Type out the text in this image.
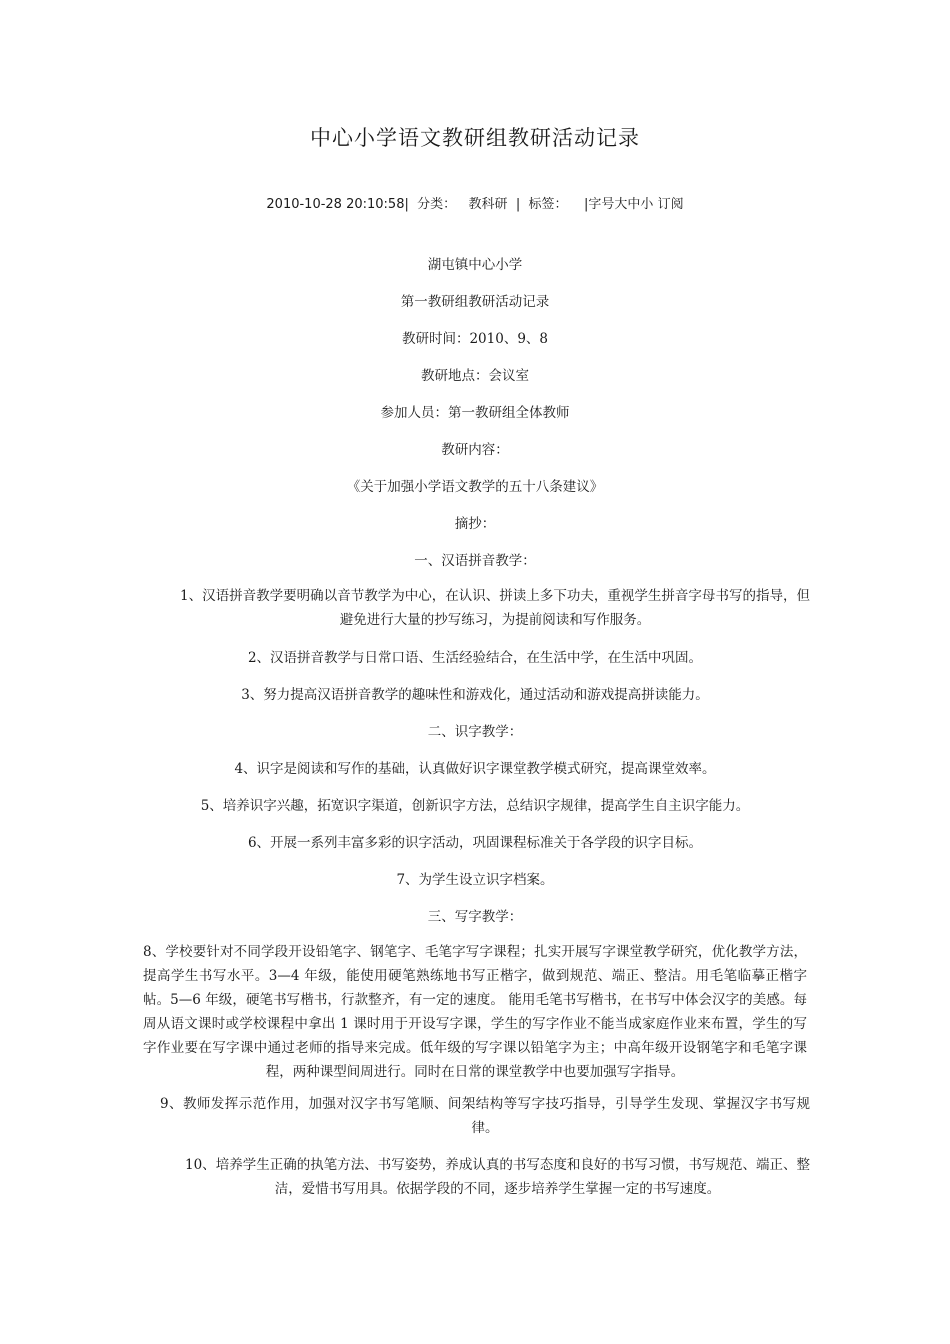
中心小学语文教研组教研活动记录
2010-10-28 20:10:58| 分类： 教科研 | 标签： |字号大中小 订阅
湖屯镇中心小学
第一教研组教研活动记录
教研时间：2010、9、8
教研地点：会议室
参加人员：第一教研组全体教师
教研内容：
《关于加强小学语文教学的五十八条建议》
摘抄：
一、汉语拼音教学：
1、汉语拼音教学要明确以音节教学为中心，在认识、拼读上多下功夫，重视学生拼音字母书写的指导，但避免进行大量的抄写练习，为提前阅读和写作服务。
2、汉语拼音教学与日常口语、生活经验结合，在生活中学，在生活中巩固。
3、努力提高汉语拼音教学的趣味性和游戏化，通过活动和游戏提高拼读能力。
二、识字教学：
4、识字是阅读和写作的基础，认真做好识字课堂教学模式研究，提高课堂效率。
5、培养识字兴趣，拓宽识字渠道，创新识字方法，总结识字规律，提高学生自主识字能力。
6、开展一系列丰富多彩的识字活动，巩固课程标准关于各学段的识字目标。
7、为学生设立识字档案。
三、写字教学：
8、学校要针对不同学段开设铅笔字、钢笔字、毛笔字写字课程；扎实开展写字课堂教学研究，优化教学方法，提高学生书写水平。3—4 年级，能使用硬笔熟练地书写正楷字，做到规范、端正、整洁。用毛笔临摹正楷字帖。5—6 年级，硬笔书写楷书，行款整齐，有一定的速度。 能用毛笔书写楷书，在书写中体会汉字的美感。每周从语文课时或学校课程中拿出 1 课时用于开设写字课，学生的写字作业不能当成家庭作业来布置，学生的写字作业要在写字课中通过老师的指导来完成。低年级的写字课以铅笔字为主；中高年级开设钢笔字和毛笔字课程，两种课型间周进行。同时在日常的课堂教学中也要加强写字指导。
9、教师发挥示范作用，加强对汉字书写笔顺、间架结构等写字技巧指导，引导学生发现、掌握汉字书写规律。
10、培养学生正确的执笔方法、书写姿势，养成认真的书写态度和良好的书写习惯，书写规范、端正、整洁，爱惜书写用具。依据学段的不同，逐步培养学生掌握一定的书写速度。
